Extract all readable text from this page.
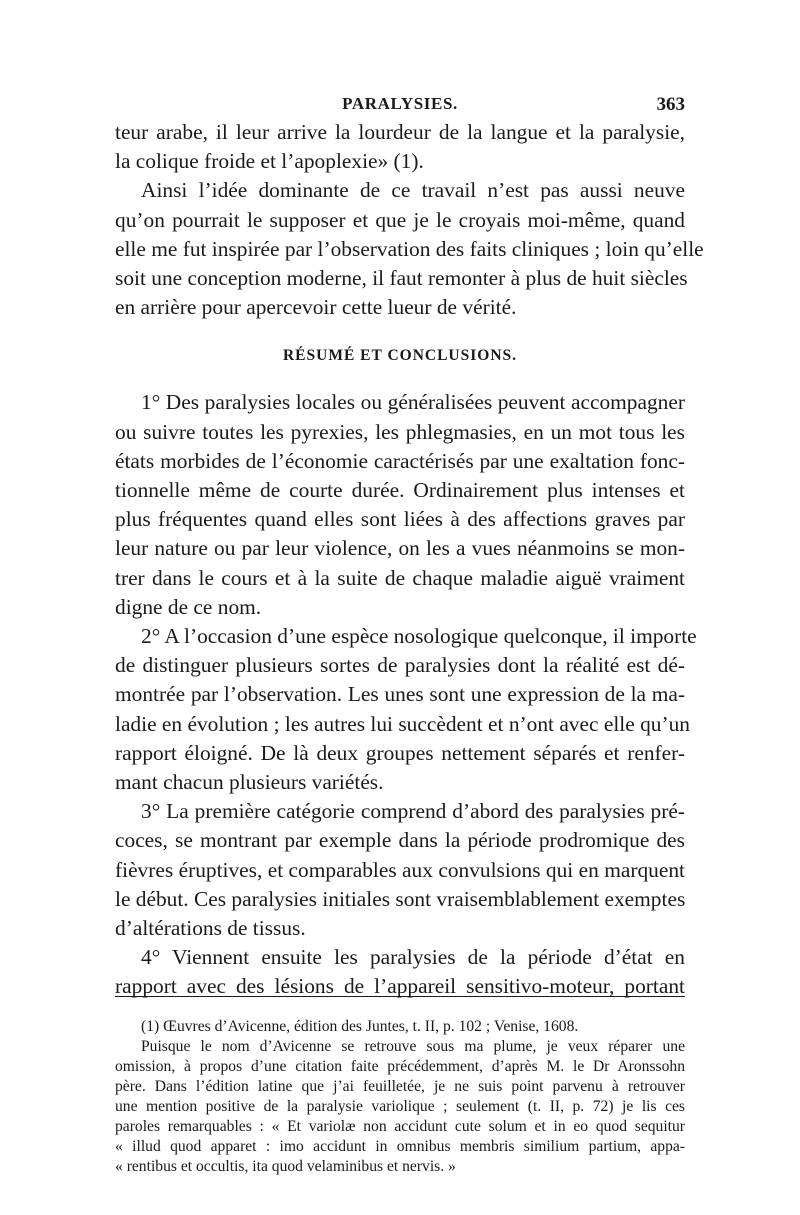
PARALYSIES.	363
teur arabe, il leur arrive la lourdeur de la langue et la paralysie,
la colique froide et l’apoplexie» (1).
Ainsi l’idée dominante de ce travail n’est pas aussi neuve
qu’on pourrait le supposer et que je le croyais moi-même, quand
elle me fut inspirée par l’observation des faits cliniques ; loin qu’elle
soit une conception moderne, il faut remonter à plus de huit siècles
en arrière pour apercevoir cette lueur de vérité.
RÉSUMÉ ET CONCLUSIONS.
1° Des paralysies locales ou généralisées peuvent accompagner
ou suivre toutes les pyrexies, les phlegmasies, en un mot tous les
états morbides de l’économie caractérisés par une exaltation fonc-
tionnelle même de courte durée. Ordinairement plus intenses et
plus fréquentes quand elles sont liées à des affections graves par
leur nature ou par leur violence, on les a vues néanmoins se mon-
trer dans le cours et à la suite de chaque maladie aiguë vraiment
digne de ce nom.
2° A l’occasion d’une espèce nosologique quelconque, il importe
de distinguer plusieurs sortes de paralysies dont la réalité est dé-
montrée par l’observation. Les unes sont une expression de la ma-
ladie en évolution ; les autres lui succèdent et n’ont avec elle qu’un
rapport éloigné. De là deux groupes nettement séparés et renfer-
mant chacun plusieurs variétés.
3° La première catégorie comprend d’abord des paralysies pré-
coces, se montrant par exemple dans la période prodromique des
fièvres éruptives, et comparables aux convulsions qui en marquent
le début. Ces paralysies initiales sont vraisemblablement exemptes
d’altérations de tissus.
4° Viennent ensuite les paralysies de la période d’état en
rapport avec des lésions de l’appareil sensitivo-moteur, portant
(1) Œuvres d’Avicenne, édition des Juntes, t. II, p. 102 ; Venise, 1608.
Puisque le nom d’Avicenne se retrouve sous ma plume, je veux réparer une
omission, à propos d’une citation faite précédemment, d’après M. le Dr Aronssohn
père. Dans l’édition latine que j’ai feuilletée, je ne suis point parvenu à retrouver
une mention positive de la paralysie variolique ; seulement (t. II, p. 72) je lis ces
paroles remarquables : « Et variolæ non accidunt cute solum et in eo quod sequitur
« illud quod apparet : imo accidunt in omnibus membris similium partium, appa-
« rentibus et occultis, ita quod velaminibus et nervis. »
